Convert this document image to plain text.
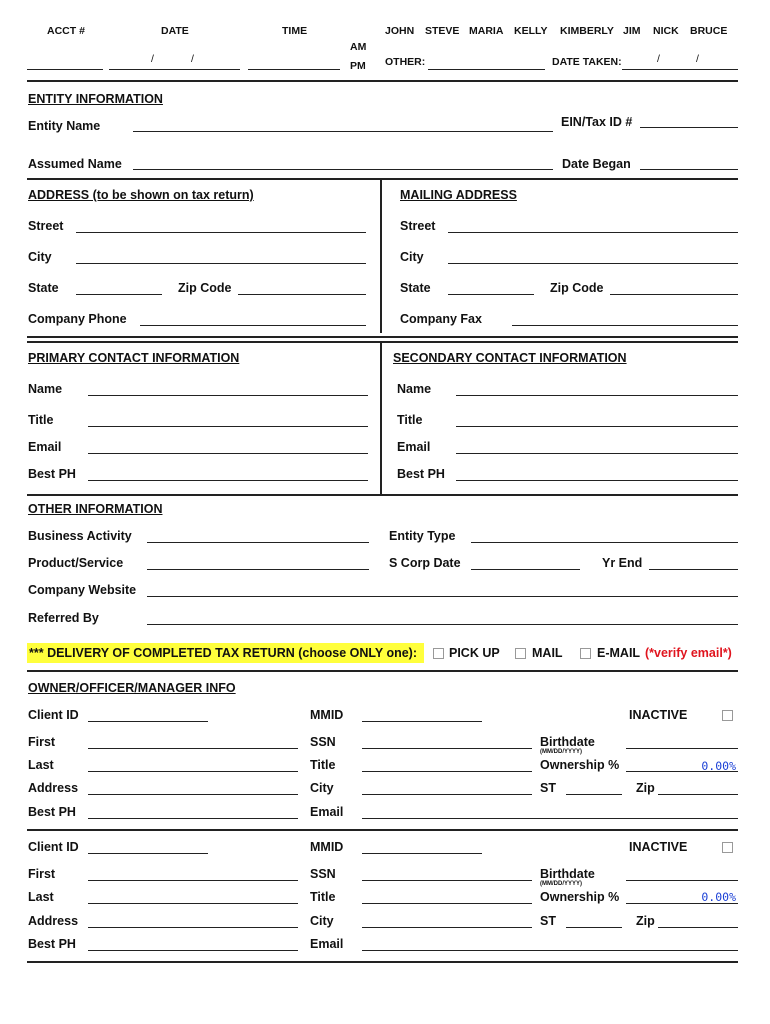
ACCT #	DATE	TIME
AM
PM
/	/
JOHN STEVE MARIA KELLY KIMBERLY JIM NICK BRUCE
OTHER:	DATE TAKEN:	/	/
ENTITY INFORMATION
Entity Name	EIN/Tax ID #
Assumed Name	Date Began
ADDRESS (to be shown on tax return)
Street
City
State	Zip Code
Company Phone
MAILING ADDRESS
Street
City
State	Zip Code
Company Fax
PRIMARY CONTACT INFORMATION
Name
Title
Email
Best PH
SECONDARY CONTACT INFORMATION
Name
Title
Email
Best PH
OTHER INFORMATION
Business Activity	Entity Type
Product/Service	S Corp Date	Yr End
Company Website
Referred By
*** DELIVERY OF COMPLETED TAX RETURN (choose ONLY one):	PICK UP	MAIL	E-MAIL (*verify email*)
OWNER/OFFICER/MANAGER INFO
Client ID	MMID	INACTIVE
First	SSN	Birthdate
(MM/DD/YYYY)
Last	Title	Ownership %	0.00%
Address	City	ST	Zip
Best PH	Email
Client ID	MMID	INACTIVE
First	SSN	Birthdate
(MM/DD/YYYY)
Last	Title	Ownership %	0.00%
Address	City	ST	Zip
Best PH	Email
